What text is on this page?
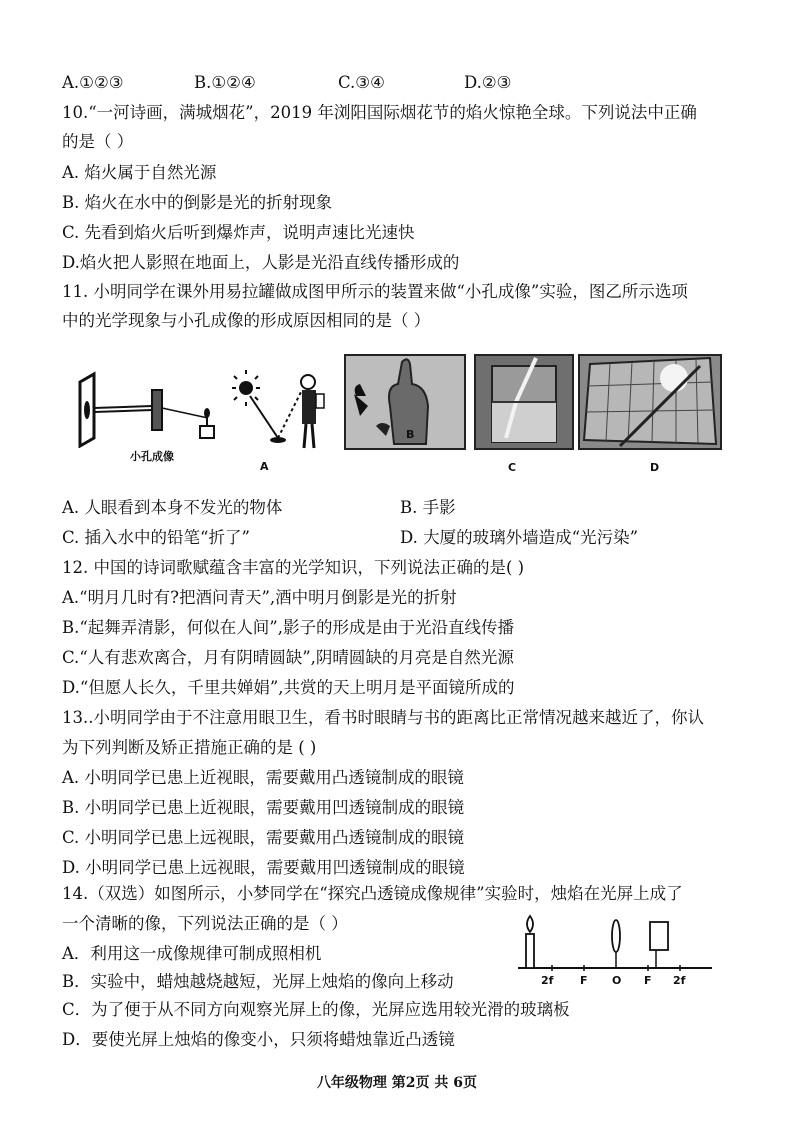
A.①②③	B.①②④	C.③④	D.②③
10.“一河诗画，满城烟花”，2019 年浏阳国际烟花节的焰火惊艳全球。下列说法中正确
的是（ ）
A. 焰火属于自然光源
B. 焰火在水中的倒影是光的折射现象
C. 先看到焰火后听到爆炸声，说明声速比光速快
D.焰火把人影照在地面上，人影是光沿直线传播形成的
11. 小明同学在课外用易拉罐做成图甲所示的装置来做“小孔成像”实验，图乙所示选项
中的光学现象与小孔成像的形成原因相同的是（ ）
小孔成像
A
B
C	D
A. 人眼看到本身不发光的物体	B. 手影
C. 插入水中的铅笔“折了”	D. 大厦的玻璃外墙造成“光污染”
12. 中国的诗词歌赋蕴含丰富的光学知识，下列说法正确的是( )
A.“明月几时有?把酒问青天”,酒中明月倒影是光的折射
B.“起舞弄清影，何似在人间”,影子的形成是由于光沿直线传播
C.“人有悲欢离合，月有阴晴圆缺”,阴晴圆缺的月亮是自然光源
D.“但愿人长久，千里共婵娟”,共赏的天上明月是平面镜所成的
13..小明同学由于不注意用眼卫生，看书时眼睛与书的距离比正常情况越来越近了，你认
为下列判断及矫正措施正确的是 ( )
A. 小明同学已患上近视眼，需要戴用凸透镜制成的眼镜
B. 小明同学已患上近视眼，需要戴用凹透镜制成的眼镜
C. 小明同学已患上远视眼，需要戴用凸透镜制成的眼镜
D. 小明同学已患上远视眼，需要戴用凹透镜制成的眼镜
14.（双选）如图所示，小梦同学在“探究凸透镜成像规律”实验时，烛焰在光屏上成了
一个清晰的像，下列说法正确的是（ ）
2f F O F 2f
A．利用这一成像规律可制成照相机
B．实验中，蜡烛越烧越短，光屏上烛焰的像向上移动
C．为了便于从不同方向观察光屏上的像，光屏应选用较光滑的玻璃板
D．要使光屏上烛焰的像变小，只须将蜡烛靠近凸透镜
八年级物理 第2页 共 6页
